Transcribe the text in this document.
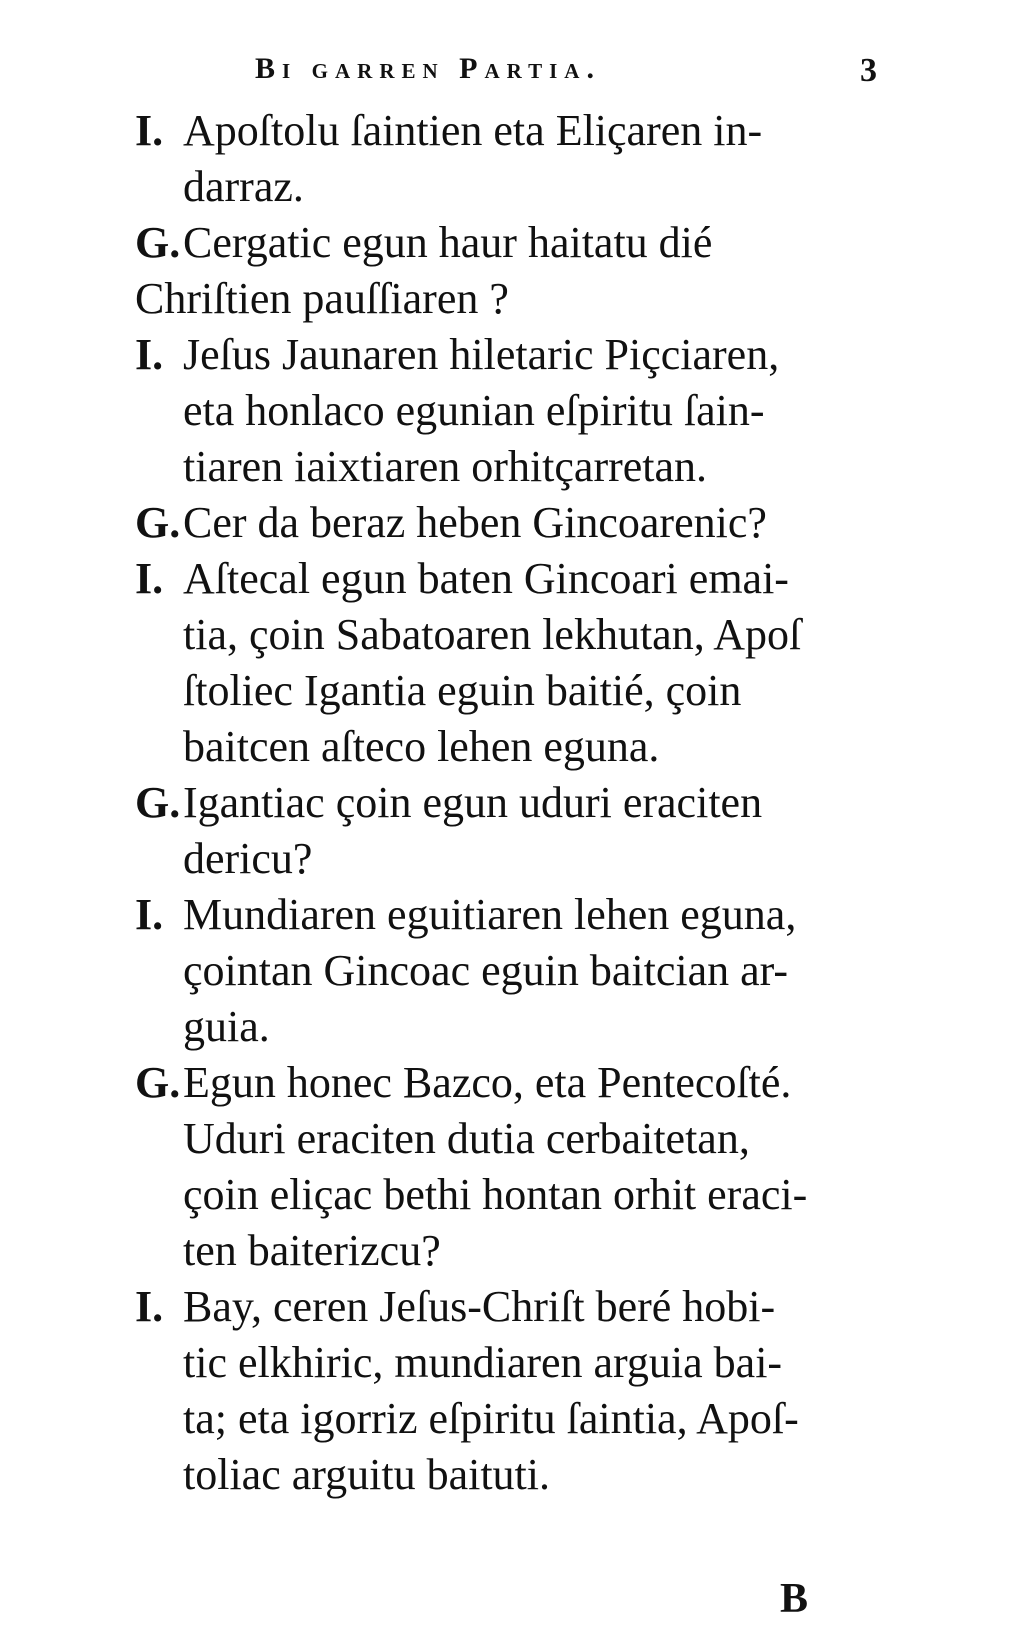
Bi garren Partia.	3
I. Apoſtolu ſaintien eta Eliçaren in-
darraz.
G. Cergatic egun haur haitatu dié
Chriſtien pauſſiaren ?
I. Jeſus Jaunaren hiletaric Piçciaren,
eta honlaco egunian eſpiritu ſain-
tiaren iaixtiaren orhitçarretan.
G. Cer da beraz heben Gincoarenic?
I. Aſtecal egun baten Gincoari emai-
tia, çoin Sabatoaren lekhutan, Apoſ
ſtoliec Igantia eguin baitié, çoin
baitcen aſteco lehen eguna.
G. Igantiac çoin egun uduri eraciten
dericu?
I. Mundiaren eguitiaren lehen eguna,
çointan Gincoac eguin baitcian ar-
guia.
G. Egun honec Bazco, eta Pentecoſté.
Uduri eraciten dutia cerbaitetan,
çoin eliçac bethi hontan orhit eraci-
ten baiterizcu?
I. Bay, ceren Jeſus-Chriſt beré hobi-
tic elkhiric, mundiaren arguia bai-
ta; eta igorriz eſpiritu ſaintia, Apoſ-
toliac arguitu baituti.
B
